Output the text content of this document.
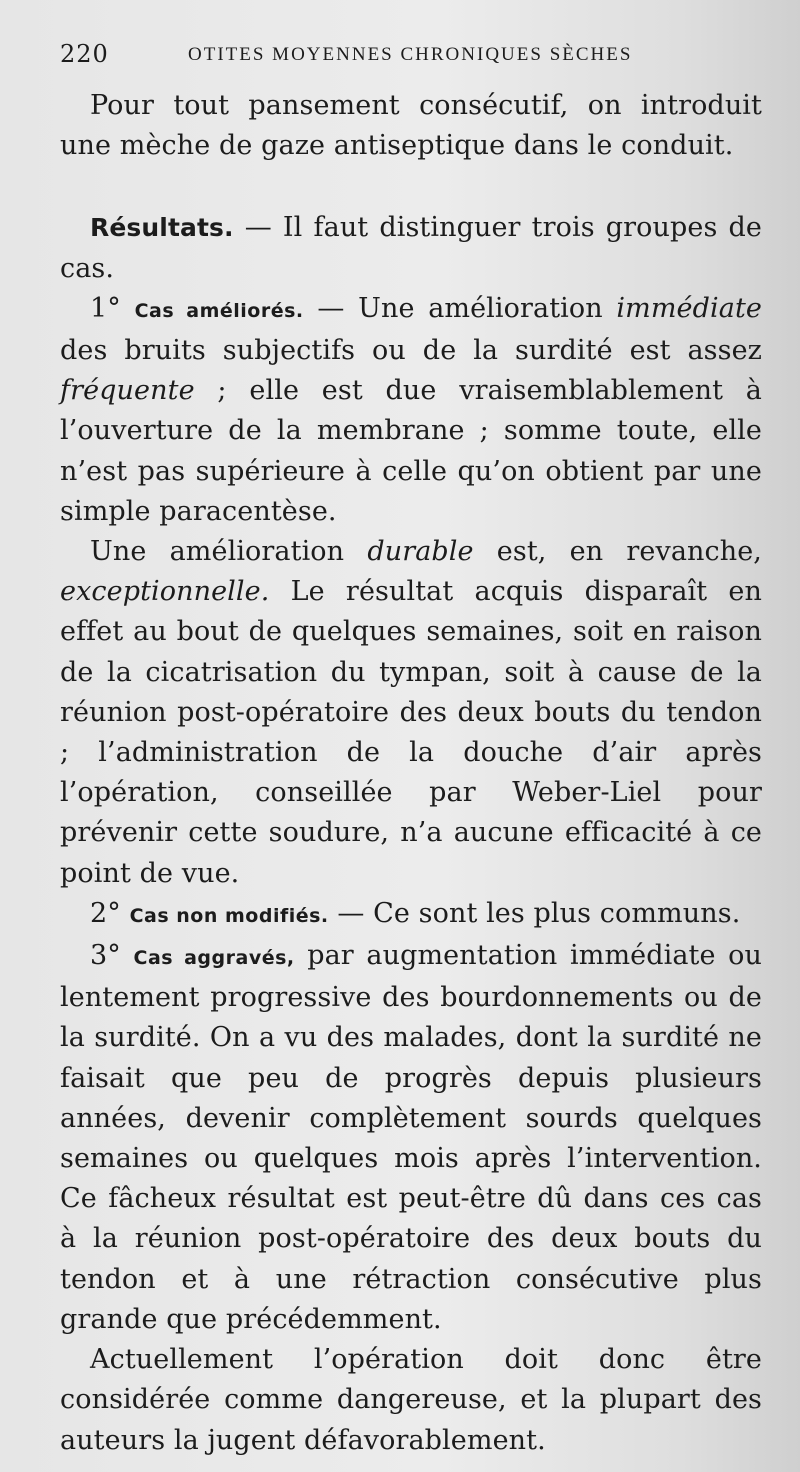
220	OTITES MOYENNES CHRONIQUES SÈCHES

Pour tout pansement consécutif, on introduit une mèche de gaze antiseptique dans le conduit.

Résultats. — Il faut distinguer trois groupes de cas.

1° Cas améliorés. — Une amélioration immédiate des bruits subjectifs ou de la surdité est assez fréquente ; elle est due vraisemblablement à l’ouverture de la membrane ; somme toute, elle n’est pas supérieure à celle qu’on obtient par une simple paracentèse.

Une amélioration durable est, en revanche, exceptionnelle. Le résultat acquis disparaît en effet au bout de quelques semaines, soit en raison de la cicatrisation du tympan, soit à cause de la réunion post-opératoire des deux bouts du tendon ; l’administration de la douche d’air après l’opération, conseillée par Weber-Liel pour prévenir cette soudure, n’a aucune efficacité à ce point de vue.

2° Cas non modifiés. — Ce sont les plus communs.

3° Cas aggravés, par augmentation immédiate ou lentement progressive des bourdonnements ou de la surdité. On a vu des malades, dont la surdité ne faisait que peu de progrès depuis plusieurs années, devenir complètement sourds quelques semaines ou quelques mois après l’intervention. Ce fâcheux résultat est peut-être dû dans ces cas à la réunion post-opératoire des deux bouts du tendon et à une rétraction consécutive plus grande que précédemment.

Actuellement l’opération doit donc être considérée comme dangereuse, et la plupart des auteurs la jugent défavorablement.
